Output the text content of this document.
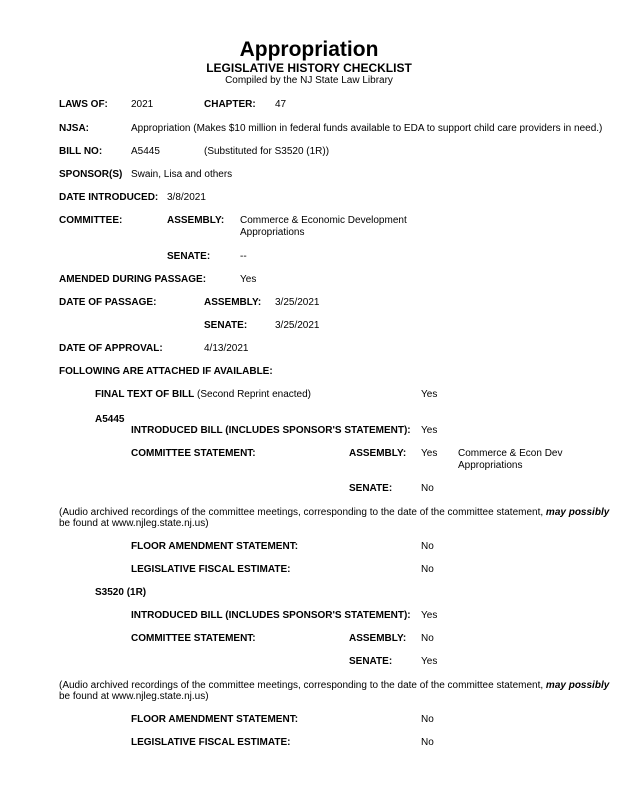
Appropriation
LEGISLATIVE HISTORY CHECKLIST
Compiled by the NJ State Law Library
LAWS OF: 2021	CHAPTER: 47
NJSA:	Appropriation (Makes $10 million in federal funds available to EDA to support child care providers in need.)
BILL NO:	A5445	(Substituted for S3520 (1R))
SPONSOR(S) Swain, Lisa and others
DATE INTRODUCED: 3/8/2021
COMMITTEE:	ASSEMBLY: Commerce & Economic Development
Appropriations
SENATE:	--
AMENDED DURING PASSAGE:	Yes
DATE OF PASSAGE:	ASSEMBLY: 3/25/2021
SENATE:	3/25/2021
DATE OF APPROVAL:	4/13/2021
FOLLOWING ARE ATTACHED IF AVAILABLE:
FINAL TEXT OF BILL (Second Reprint enacted)	Yes
A5445
INTRODUCED BILL (INCLUDES SPONSOR'S STATEMENT): Yes
COMMITTEE STATEMENT:	ASSEMBLY: Yes Commerce & Econ Dev
Appropriations
SENATE:	No
(Audio archived recordings of the committee meetings, corresponding to the date of the committee statement, may possibly
be found at www.njleg.state.nj.us)
FLOOR AMENDMENT STATEMENT:	No
LEGISLATIVE FISCAL ESTIMATE:	No
S3520 (1R)
INTRODUCED BILL (INCLUDES SPONSOR'S STATEMENT): Yes
COMMITTEE STATEMENT:	ASSEMBLY: No
SENATE:	Yes
(Audio archived recordings of the committee meetings, corresponding to the date of the committee statement, may possibly
be found at www.njleg.state.nj.us)
FLOOR AMENDMENT STATEMENT:	No
LEGISLATIVE FISCAL ESTIMATE:	No
